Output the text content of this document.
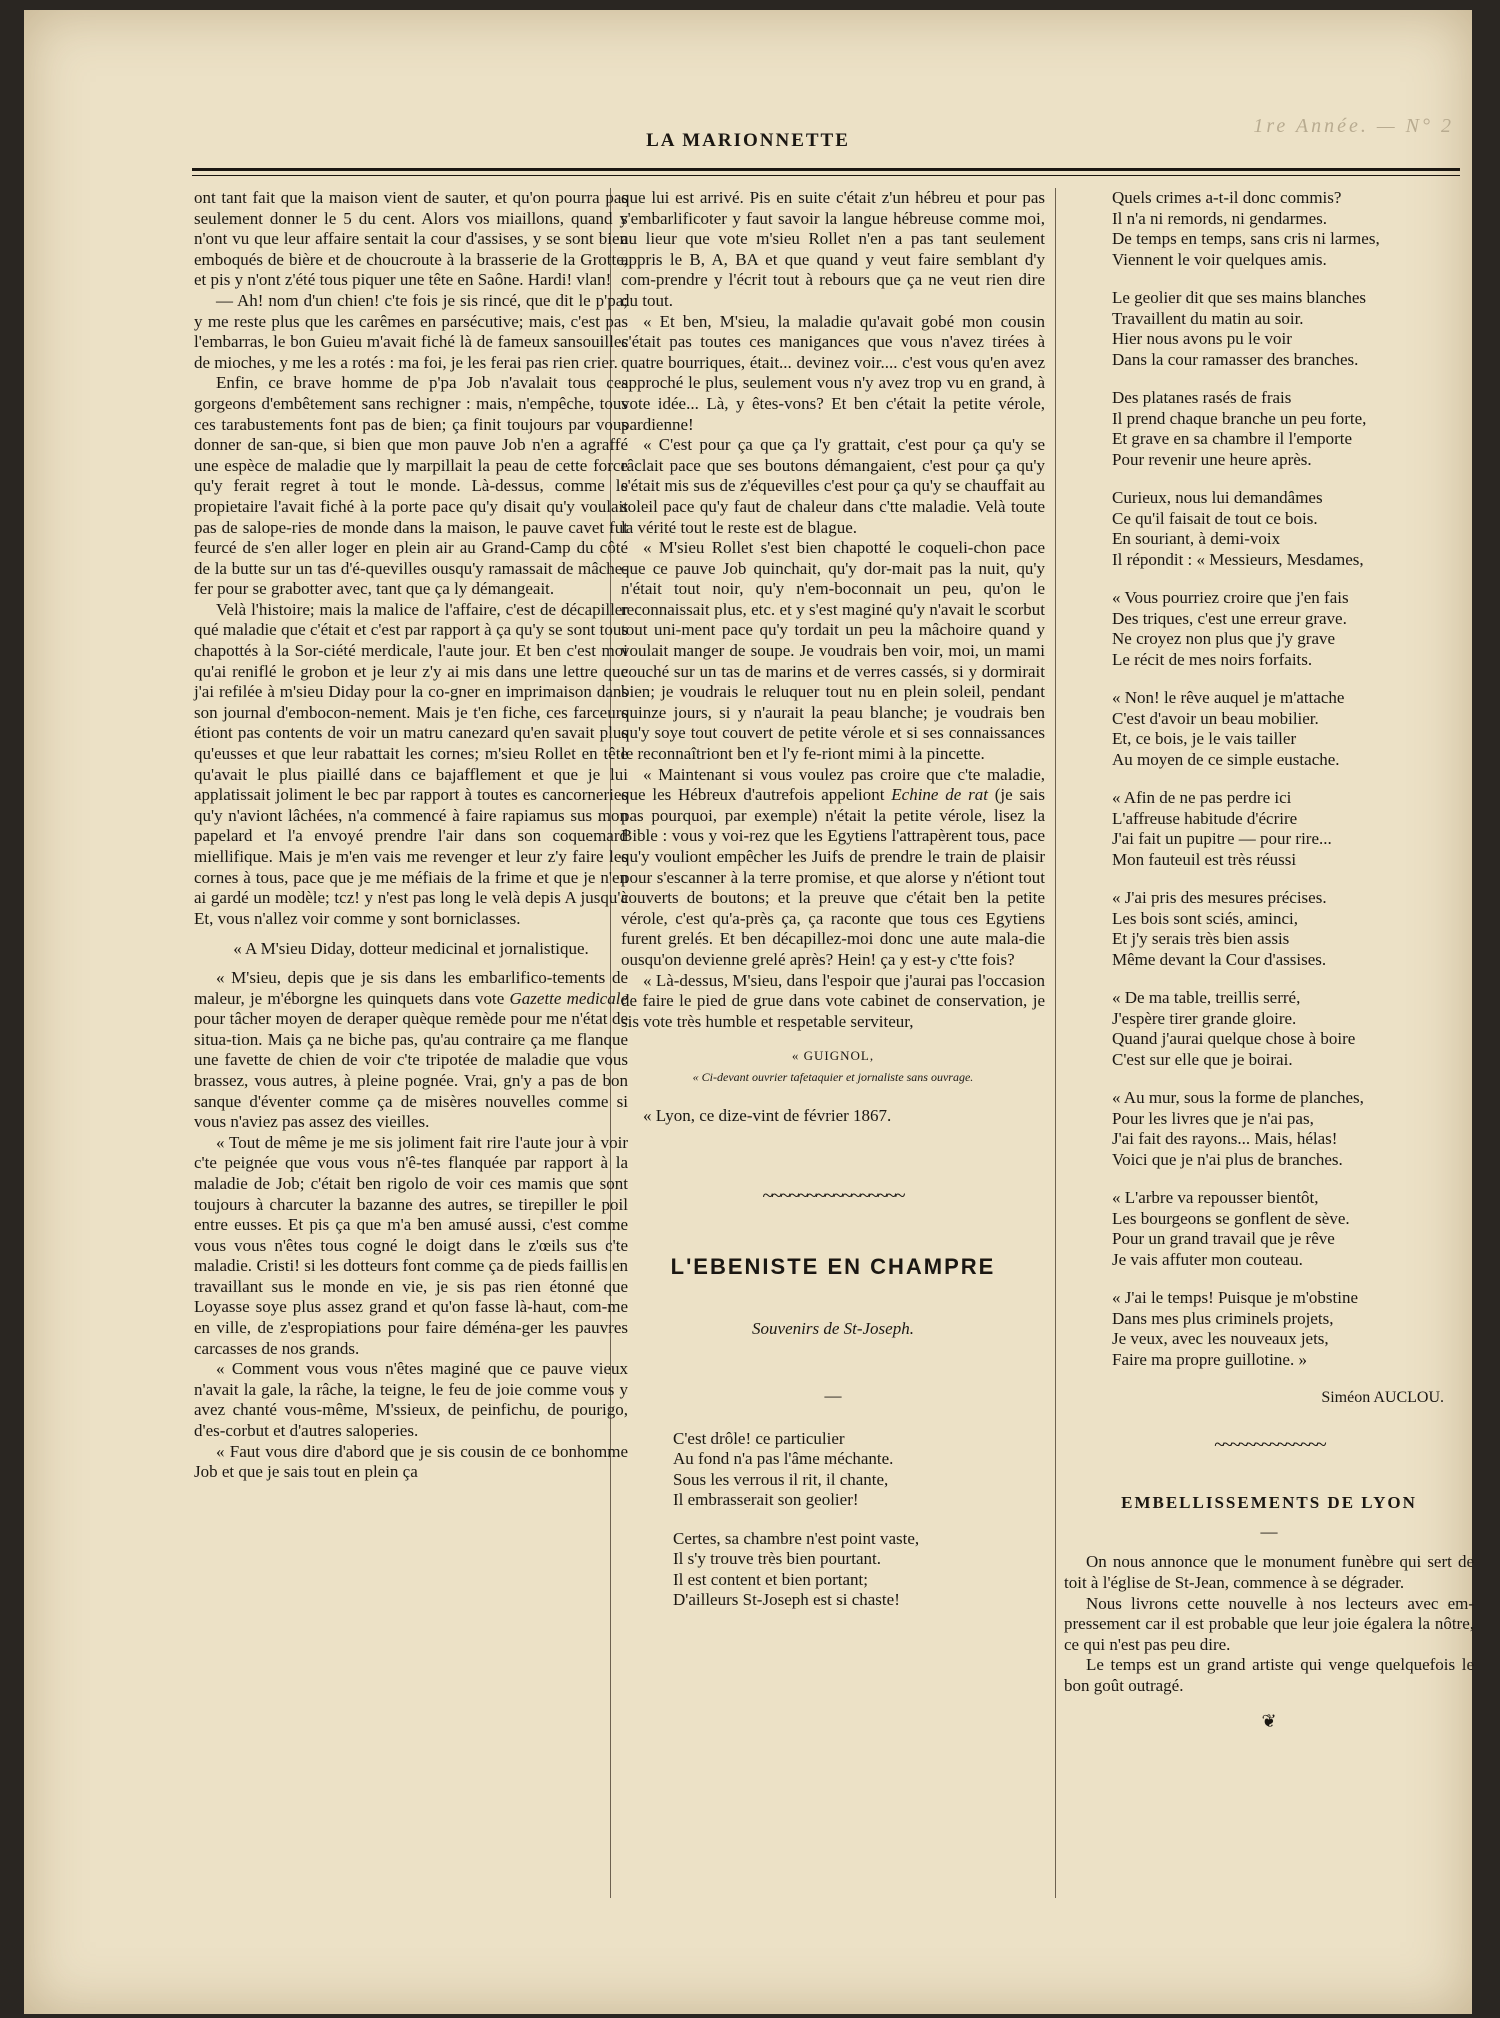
1re Année. — N° 2
LA MARIONNETTE

ont tant fait que la maison vient de sauter, et qu'on pourra pas seulement donner le 5 du cent. Alors vos miaillons, quand y n'ont vu que leur affaire sentait la cour d'assises, y se sont bien emboqués de bière et de choucroute à la brasserie de la Grotte, et pis y n'ont z'été tous piquer une tête en Saône. Hardi! vlan!

— Ah! nom d'un chien! c'te fois je sis rincé, que dit le p'pa; y me reste plus que les carêmes en parsécutive; mais, c'est pas l'embarras, le bon Guieu m'avait fiché là de fameux sansouilles de mioches, y me les a rotés : ma foi, je les ferai pas rien crier.

Enfin, ce brave homme de p'pa Job n'avalait tous ces gorgeons d'embêtement sans rechigner : mais, n'empêche, tous ces tarabustements font pas de bien; ça finit toujours par vous donner de san-que, si bien que mon pauve Job n'en a agraffé une espèce de maladie que ly marpillait la peau de cette force qu'y ferait regret à tout le monde. Là-dessus, comme le propietaire l'avait fiché à la porte pace qu'y disait qu'y voulait pas de salope-ries de monde dans la maison, le pauve cavet fut feurcé de s'en aller loger en plein air au Grand-Camp du côté de la butte sur un tas d'é-quevilles ousqu'y ramassait de mâche-fer pour se grabotter avec, tant que ça ly démangeait.

Velà l'histoire; mais la malice de l'affaire, c'est de décapiller qué maladie que c'était et c'est par rapport à ça qu'y se sont tous chapottés à la Sor-ciété merdicale, l'aute jour. Et ben c'est moi qu'ai reniflé le grobon et je leur z'y ai mis dans une lettre que j'ai refilée à m'sieu Diday pour la co-gner en imprimaison dans son journal d'embocon-nement. Mais je t'en fiche, ces farceurs étiont pas contents de voir un matru canezard qu'en savait plus qu'eusses et que leur rabattait les cornes; m'sieu Rollet en tête qu'avait le plus piaillé dans ce bajafflement et que je lui applatissait joliment le bec par rapport à toutes es cancorneries qu'y n'aviont lâchées, n'a commencé à faire rapiamus sus mon papelard et l'a envoyé prendre l'air dans son coquemard miellifique. Mais je m'en vais me revenger et leur z'y faire les cornes à tous, pace que je me méfiais de la frime et que je n'en ai gardé un modèle; tcz! y n'est pas long le velà depis A jusqu'à Et, vous n'allez voir comme y sont borniclasses.

« A M'sieu Diday, dotteur medicinal et jornalistique.

« M'sieu, depis que je sis dans les embarlifico-tements de maleur, je m'éborgne les quinquets dans vote Gazette medicale pour tâcher moyen de deraper quèque remède pour me n'état de situa-tion. Mais ça ne biche pas, qu'au contraire ça me flanque une favette de chien de voir c'te tripotée de maladie que vous brassez, vous autres, à pleine pognée. Vrai, gn'y a pas de bon sanque d'éventer comme ça de misères nouvelles comme si vous n'aviez pas assez des vieilles.

« Tout de même je me sis joliment fait rire l'aute jour à voir c'te peignée que vous vous n'ê-tes flanquée par rapport à la maladie de Job; c'était ben rigolo de voir ces mamis que sont toujours à charcuter la bazanne des autres, se tirepiller le poil entre eusses. Et pis ça que m'a ben amusé aussi, c'est comme vous vous n'êtes tous cogné le doigt dans le z'œils sus c'te maladie. Cristi! si les dotteurs font comme ça de pieds faillis en travaillant sus le monde en vie, je sis pas rien étonné que Loyasse soye plus assez grand et qu'on fasse là-haut, com-me en ville, de z'espropiations pour faire déména-ger les pauvres carcasses de nos grands.

« Comment vous vous n'êtes maginé que ce pauve vieux n'avait la gale, la râche, la teigne, le feu de joie comme vous y avez chanté vous-même, M'ssieux, de peinfichu, de pourigo, d'es-corbut et d'autres saloperies.

« Faut vous dire d'abord que je sis cousin de ce bonhomme Job et que je sais tout en plein ça

que lui est arrivé. Pis en suite c'était z'un hébreu et pour pas s'embarlificoter y faut savoir la langue hébreuse comme moi, au lieur que vote m'sieu Rollet n'en a pas tant seulement appris le B, A, BA et que quand y veut faire semblant d'y com-prendre y l'écrit tout à rebours que ça ne veut rien dire du tout.

« Et ben, M'sieu, la maladie qu'avait gobé mon cousin c'était pas toutes ces manigances que vous n'avez tirées à quatre bourriques, était... devinez voir.... c'est vous qu'en avez approché le plus, seulement vous n'y avez trop vu en grand, à vote idée... Là, y êtes-vons? Et ben c'était la petite vérole, pardienne!

« C'est pour ça que ça l'y grattait, c'est pour ça qu'y se râclait pace que ses boutons démangaient, c'est pour ça qu'y s'était mis sus de z'équevilles c'est pour ça qu'y se chauffait au soleil pace qu'y faut de chaleur dans c'tte maladie. Velà toute la vérité tout le reste est de blague.

« M'sieu Rollet s'est bien chapotté le coqueli-chon pace que ce pauve Job quinchait, qu'y dor-mait pas la nuit, qu'y n'était tout noir, qu'y n'em-boconnait un peu, qu'on le reconnaissait plus, etc. et y s'est maginé qu'y n'avait le scorbut tout uni-ment pace qu'y tordait un peu la mâchoire quand y voulait manger de soupe. Je voudrais ben voir, moi, un mami couché sur un tas de marins et de verres cassés, si y dormirait bien; je voudrais le reluquer tout nu en plein soleil, pendant quinze jours, si y n'aurait la peau blanche; je voudrais ben qu'y soye tout couvert de petite vérole et si ses connaissances le reconnaîtriont ben et l'y fe-riont mimi à la pincette.

« Maintenant si vous voulez pas croire que c'te maladie, que les Hébreux d'autrefois appeliont Echine de rat (je sais pas pourquoi, par exemple) n'était la petite vérole, lisez la Bible : vous y voi-rez que les Egytiens l'attrapèrent tous, pace qu'y vouliont empêcher les Juifs de prendre le train de plaisir pour s'escanner à la terre promise, et que alorse y n'étiont tout couverts de boutons; et la preuve que c'était ben la petite vérole, c'est qu'a-près ça, ça raconte que tous ces Egytiens furent grelés. Et ben décapillez-moi donc une aute mala-die ousqu'on devienne grelé après? Hein! ça y est-y c'tte fois?

« Là-dessus, M'sieu, dans l'espoir que j'aurai pas l'occasion de faire le pied de grue dans vote cabinet de conservation, je sis vote très humble et respetable serviteur,

« GUIGNOL,

« Ci-devant ouvrier tafetaquier et jornaliste sans ouvrage.

« Lyon, ce dize-vint de février 1867.

~~~~~~~~~~~~~~~~

L'EBENISTE EN CHAMPRE

Souvenirs de St-Joseph.

—

C'est drôle! ce particulier
Au fond n'a pas l'âme méchante.
Sous les verrous il rit, il chante,
Il embrasserait son geolier!
Certes, sa chambre n'est point vaste,
Il s'y trouve très bien pourtant.
Il est content et bien portant;
D'ailleurs St-Joseph est si chaste!
Quels crimes a-t-il donc commis?
Il n'a ni remords, ni gendarmes.
De temps en temps, sans cris ni larmes,
Viennent le voir quelques amis.
Le geolier dit que ses mains blanches
Travaillent du matin au soir.
Hier nous avons pu le voir
Dans la cour ramasser des branches.
Des platanes rasés de frais
Il prend chaque branche un peu forte,
Et grave en sa chambre il l'emporte
Pour revenir une heure après.
Curieux, nous lui demandâmes
Ce qu'il faisait de tout ce bois.
En souriant, à demi-voix
Il répondit : « Messieurs, Mesdames,
« Vous pourriez croire que j'en fais
Des triques, c'est une erreur grave.
Ne croyez non plus que j'y grave
Le récit de mes noirs forfaits.
« Non! le rêve auquel je m'attache
C'est d'avoir un beau mobilier.
Et, ce bois, je le vais tailler
Au moyen de ce simple eustache.
« Afin de ne pas perdre ici
L'affreuse habitude d'écrire
J'ai fait un pupitre — pour rire...
Mon fauteuil est très réussi
« J'ai pris des mesures précises.
Les bois sont sciés, aminci,
Et j'y serais très bien assis
Même devant la Cour d'assises.
« De ma table, treillis serré,
J'espère tirer grande gloire.
Quand j'aurai quelque chose à boire
C'est sur elle que je boirai.
« Au mur, sous la forme de planches,
Pour les livres que je n'ai pas,
J'ai fait des rayons... Mais, hélas!
Voici que je n'ai plus de branches.
« L'arbre va repousser bientôt,
Les bourgeons se gonflent de sève.
Pour un grand travail que je rêve
Je vais affuter mon couteau.
« J'ai le temps! Puisque je m'obstine
Dans mes plus criminels projets,
Je veux, avec les nouveaux jets,
Faire ma propre guillotine. »

Siméon AUCLOU.

~~~~~~~~~~~~~~

EMBELLISSEMENTS DE LYON

—

On nous annonce que le monument funèbre qui sert de toit à l'église de St-Jean, commence à se dégrader.

Nous livrons cette nouvelle à nos lecteurs avec em-pressement car il est probable que leur joie égalera la nôtre, ce qui n'est pas peu dire.

Le temps est un grand artiste qui venge quelquefois le bon goût outragé.

❦
